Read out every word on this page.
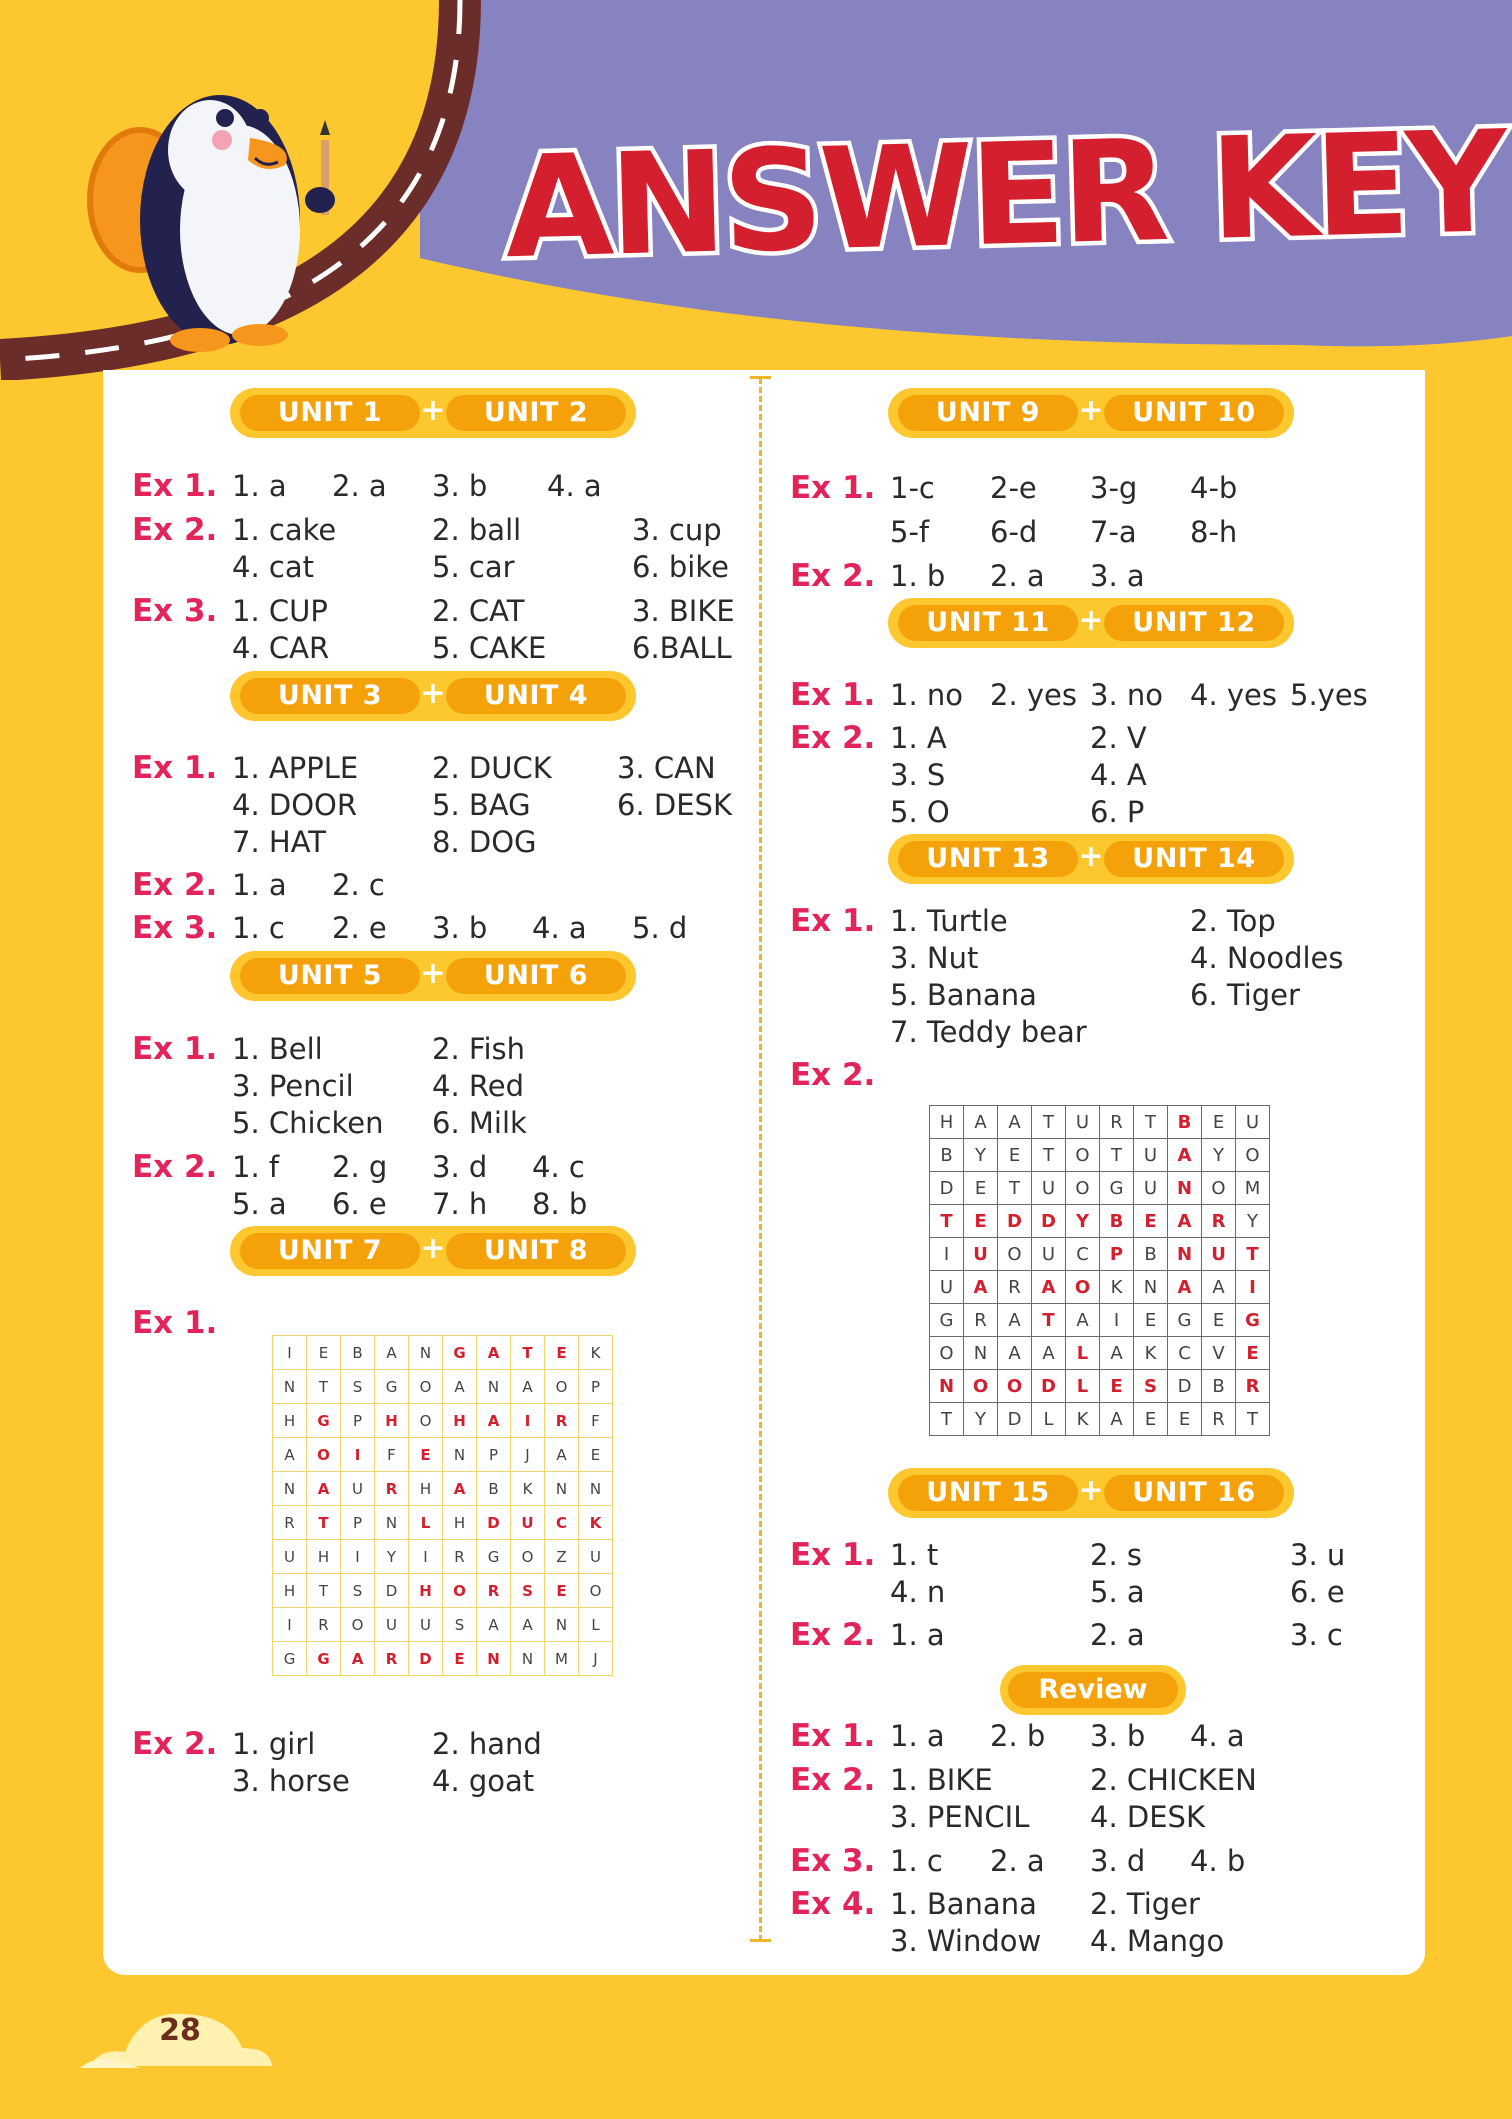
ANSWER KEY
UNIT 1	+	UNIT 2
Ex 1. 1. a 2. a 3. b 4. a
Ex 2. 1. cake	2. ball	3. cup
4. cat	5. car	6. bike
Ex 3. 1. CUP	2. CAT	3. BIKE
4. CAR	5. CAKE	6.BALL
UNIT 3	+	UNIT 4
Ex 1. 1. APPLE	2. DUCK 3. CAN
4. DOOR	5. BAG	6. DESK
7. HAT	8. DOG
Ex 2. 1. a 2. c
Ex 3. 1. c 2. e 3. b 4. a 5. d
UNIT 5	+	UNIT 6
Ex 1. 1. Bell	2. Fish
3. Pencil	4. Red
5. Chicken 6. Milk
Ex 2. 1. f 2. g 3. d 4. c
5. a 6. e 7. h 8. b
UNIT 7	+	UNIT 8
Ex 1.
I	E	B	A	N	G	A	T	E	K
N	T	S	G	O	A	N	A	O	P
H	G	P	H	O	H	A	I	R	F
A	O	I	F	E	N	P	J	A	E
N	A	U	R	H	A	B	K	N	N
R	T	P	N	L	H	D	U	C	K
U	H	I	Y	I	R	G	O	Z	U
H	T	S	D	H	O	R	S	E	O
I	R	O	U	U	S	A	A	N	L
G	G	A	R	D	E	N	N	M	J
Ex 2. 1. girl	2. hand
3. horse	4. goat
UNIT 9	+	UNIT 10
Ex 1. 1-c 2-e 3-g 4-b
5-f 6-d 7-a 8-h
Ex 2. 1. b 2. a 3. a
UNIT 11 +	UNIT 12
Ex 1. 1. no 2. yes 3. no 4. yes 5.yes
Ex 2. 1. A	2. V
3. S	4. A
5. O	6. P
UNIT 13 +	UNIT 14
Ex 1. 1. Turtle	2. Top
3. Nut	4. Noodles
5. Banana	6. Tiger
7. Teddy bear
Ex 2.
H	A	A	T	U	R	T	B	E	U
B	Y	E	T	O	T	U	A	Y	O
D	E	T	U	O	G	U	N	O	M
T	E	D	D	Y	B	E	A	R	Y
I	U	O	U	C	P	B	N	U	T
U	A	R	A	O	K	N	A	A	I
G	R	A	T	A	I	E	G	E	G
O	N	A	A	L	A	K	C	V	E
N	O	O	D	L	E	S	D	B	R
T	Y	D	L	K	A	E	E	R	T
UNIT 15 +	UNIT 16
Ex 1. 1. t	2. s	3. u
4. n	5. a	6. e
Ex 2. 1. a	2. a	3. c
Review
Ex 1. 1. a 2. b 3. b 4. a
Ex 2. 1. BIKE	2. CHICKEN
3. PENCIL 4. DESK
Ex 3. 1. c 2. a 3. d 4. b
Ex 4. 1. Banana 2. Tiger
3. Window 4. Mango
28
